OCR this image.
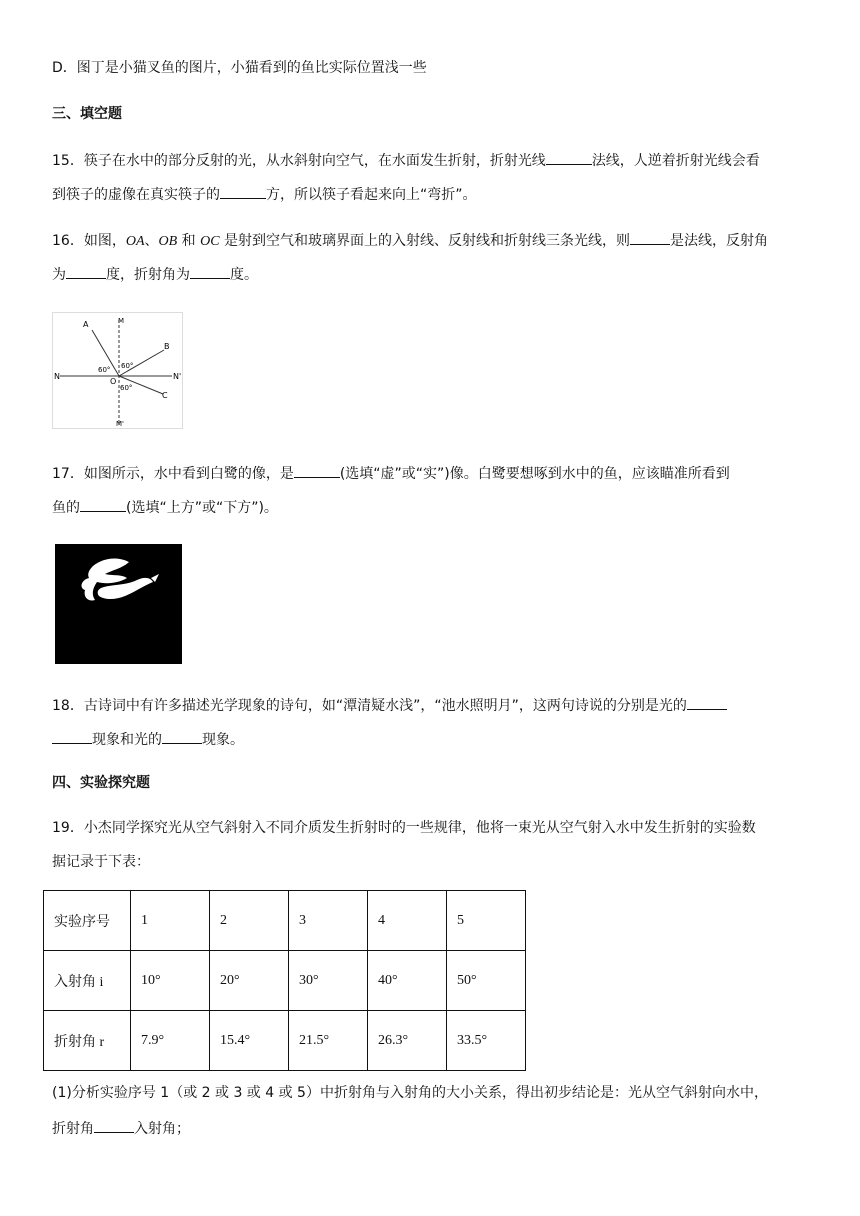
D．图丁是小猫叉鱼的图片，小猫看到的鱼比实际位置浅一些
三、填空题
15．筷子在水中的部分反射的光，从水斜射向空气，在水面发生折射，折射光线	法线，人逆着折射光线会看
到筷子的虚像在真实筷子的	方，所以筷子看起来向上“弯折”。
16．如图，OA、OB 和 OC 是射到空气和玻璃界面上的入射线、反射线和折射线三条光线，则	是法线，反射角
为	度，折射角为	度。
A	M
B
N	N'
O
C
M'
60°
60°
60°
17．如图所示，水中看到白鹭的像，是	(选填“虚”或“实”)像。白鹭要想啄到水中的鱼，应该瞄准所看到
鱼的	(选填“上方”或“下方”)。
18．古诗词中有许多描述光学现象的诗句，如“潭清疑水浅”，“池水照明月”，这两句诗说的分别是光的
现象和光的	现象。
四、实验探究题
19．小杰同学探究光从空气斜射入不同介质发生折射时的一些规律，他将一束光从空气射入水中发生折射的实验数
据记录于下表：
实验序号	1	2	3	4	5
入射角 i	10°	20°	30°	40°	50°
折射角 r	7.9°	15.4°	21.5°	26.3°	33.5°
(1)分析实验序号 1（或 2 或 3 或 4 或 5）中折射角与入射角的大小关系，得出初步结论是：光从空气斜射向水中，
折射角	入射角；
